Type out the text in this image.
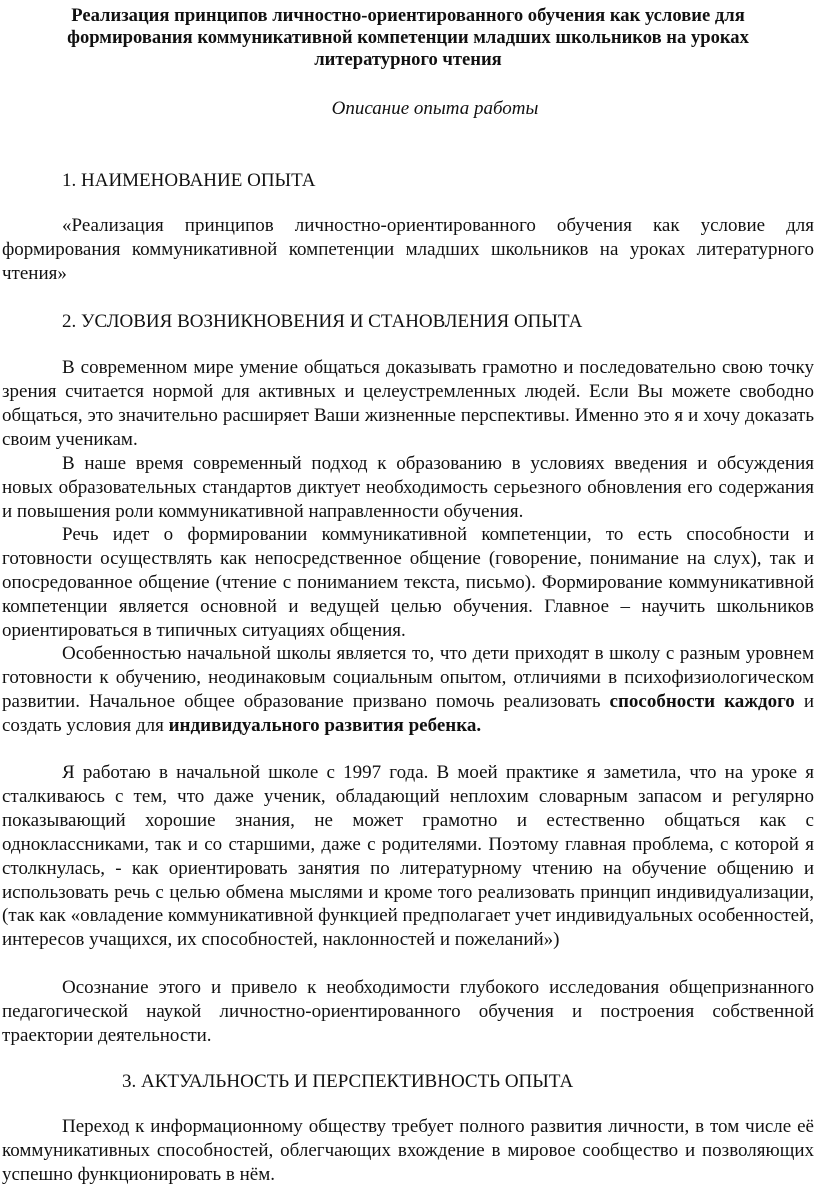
Реализация принципов личностно-ориентированного обучения как условие для формирования коммуникативной компетенции младших школьников на уроках литературного чтения
Описание опыта работы
1. НАИМЕНОВАНИЕ ОПЫТА
«Реализация принципов личностно-ориентированного обучения как условие для формирования коммуникативной компетенции младших школьников на уроках литературного чтения»
2. УСЛОВИЯ ВОЗНИКНОВЕНИЯ И СТАНОВЛЕНИЯ ОПЫТА
В современном мире умение общаться доказывать грамотно и последовательно свою точку зрения считается нормой для активных и целеустремленных людей. Если Вы можете свободно общаться, это значительно расширяет Ваши жизненные перспективы. Именно это я и хочу доказать своим ученикам.
В наше время современный подход к образованию в условиях введения и обсуждения новых образовательных стандартов диктует необходимость серьезного обновления его содержания и повышения роли коммуникативной направленности обучения.
Речь идет о формировании коммуникативной компетенции, то есть способности и готовности осуществлять как непосредственное общение (говорение, понимание на слух), так и опосредованное общение (чтение с пониманием текста, письмо). Формирование коммуникативной компетенции является основной и ведущей целью обучения. Главное – научить школьников ориентироваться в типичных ситуациях общения.
Особенностью начальной школы является то, что дети приходят в школу с разным уровнем готовности к обучению, неодинаковым социальным опытом, отличиями в психофизиологическом развитии. Начальное общее образование призвано помочь реализовать способности каждого и создать условия для индивидуального развития ребенка.
Я работаю в начальной школе с 1997 года. В моей практике я заметила, что на уроке я сталкиваюсь с тем, что даже ученик, обладающий неплохим словарным запасом и регулярно показывающий хорошие знания, не может грамотно и естественно общаться как с одноклассниками, так и со старшими, даже с родителями. Поэтому главная проблема, с которой я столкнулась, - как ориентировать занятия по литературному чтению на обучение общению и использовать речь с целью обмена мыслями и кроме того реализовать принцип индивидуализации, (так как «овладение коммуникативной функцией предполагает учет индивидуальных особенностей, интересов учащихся, их способностей, наклонностей и пожеланий»)
Осознание этого и привело к необходимости глубокого исследования общепризнанного педагогической наукой личностно-ориентированного обучения и построения собственной траектории деятельности.
3. АКТУАЛЬНОСТЬ И ПЕРСПЕКТИВНОСТЬ ОПЫТА
Переход к информационному обществу требует полного развития личности, в том числе её коммуникативных способностей, облегчающих вхождение в мировое сообщество и позволяющих успешно функционировать в нём.
